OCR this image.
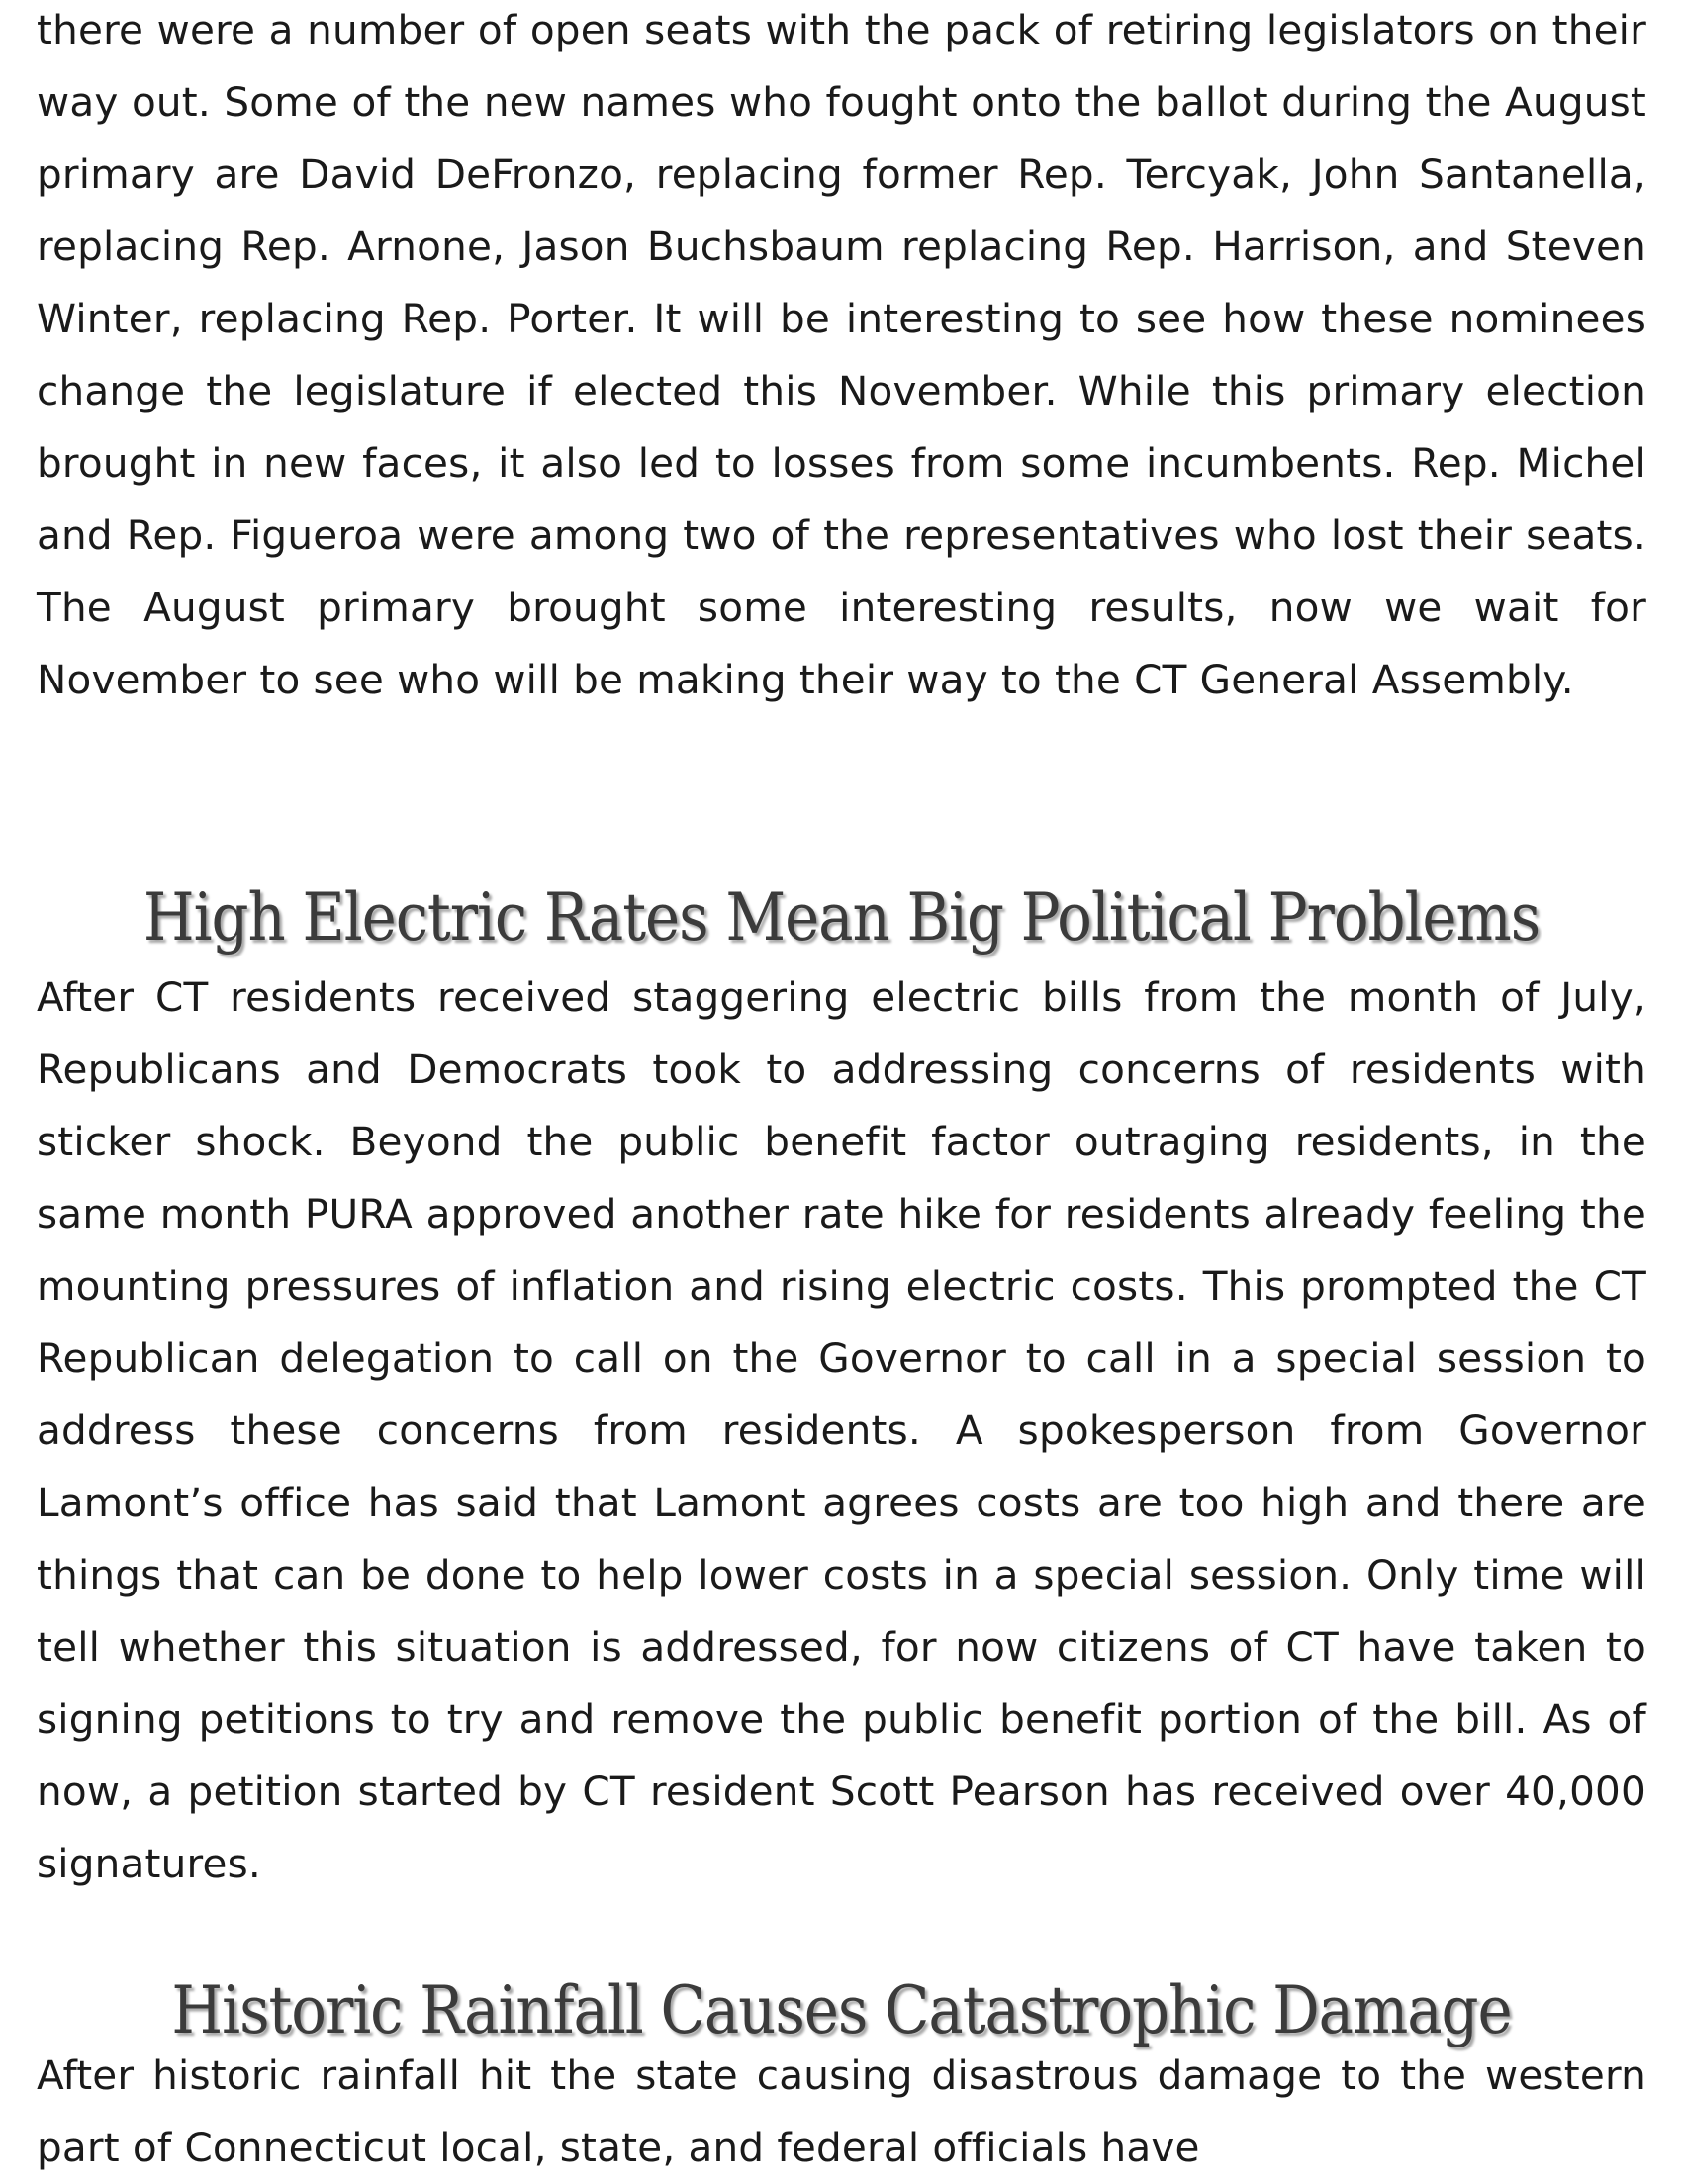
there were a number of open seats with the pack of retiring legislators on their way out. Some of the new names who fought onto the ballot during the August primary are David DeFronzo, replacing former Rep. Tercyak, John Santanella, replacing Rep. Arnone, Jason Buchsbaum replacing Rep. Harrison, and Steven Winter, replacing Rep. Porter. It will be interesting to see how these nominees change the legislature if elected this November. While this primary election brought in new faces, it also led to losses from some incumbents. Rep. Michel and Rep. Figueroa were among two of the representatives who lost their seats. The August primary brought some interesting results, now we wait for November to see who will be making their way to the CT General Assembly.

High Electric Rates Mean Big Political Problems

After CT residents received staggering electric bills from the month of July, Republicans and Democrats took to addressing concerns of residents with sticker shock. Beyond the public benefit factor outraging residents, in the same month PURA approved another rate hike for residents already feeling the mounting pressures of inflation and rising electric costs. This prompted the CT Republican delegation to call on the Governor to call in a special session to address these concerns from residents. A spokesperson from Governor Lamont’s office has said that Lamont agrees costs are too high and there are things that can be done to help lower costs in a special session. Only time will tell whether this situation is addressed, for now citizens of CT have taken to signing petitions to try and remove the public benefit portion of the bill. As of now, a petition started by CT resident Scott Pearson has received over 40,000 signatures.

Historic Rainfall Causes Catastrophic Damage

After historic rainfall hit the state causing disastrous damage to the western part of Connecticut local, state, and federal officials have
